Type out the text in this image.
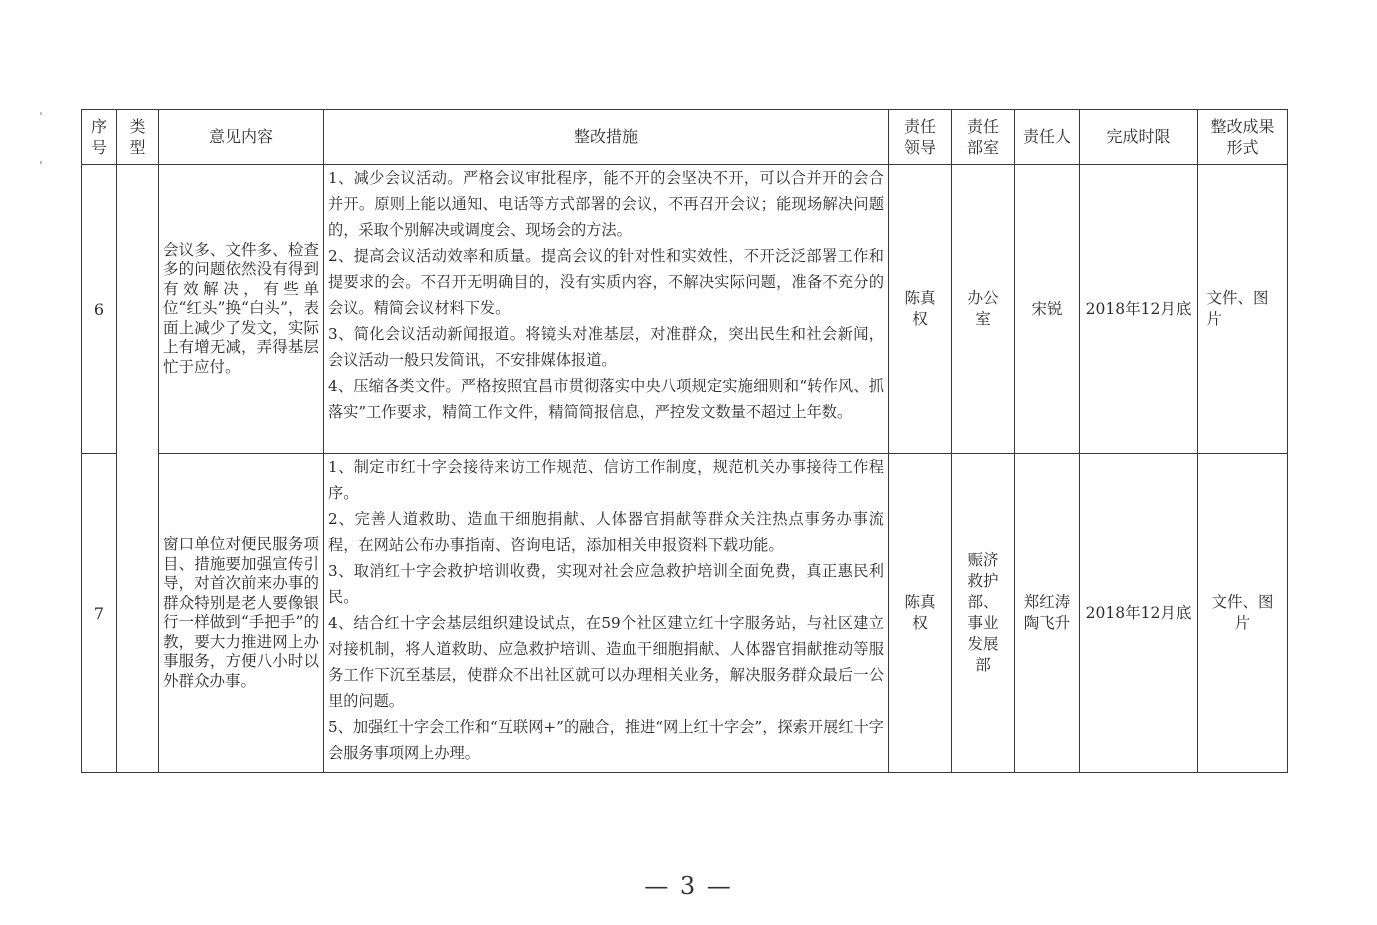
序号	类型	意见内容	整改措施	责任领导	责任部室	责任人	完成时限	整改成果形式
6		会议多、文件多、检查多的问题依然没有得到有效解决，有些单位“红头”换“白头”，表面上减少了发文，实际上有增无减，弄得基层忙于应付。	1、减少会议活动。严格会议审批程序，能不开的会坚决不开，可以合并开的会合并开。原则上能以通知、电话等方式部署的会议，不再召开会议；能现场解决问题的，采取个别解决或调度会、现场会的方法。
2、提高会议活动效率和质量。提高会议的针对性和实效性，不开泛泛部署工作和提要求的会。不召开无明确目的，没有实质内容，不解决实际问题，准备不充分的会议。精简会议材料下发。
3、简化会议活动新闻报道。将镜头对准基层，对准群众，突出民生和社会新闻，会议活动一般只发简讯，不安排媒体报道。
4、压缩各类文件。严格按照宜昌市贯彻落实中央八项规定实施细则和“转作风、抓落实”工作要求，精简工作文件，精简简报信息，严控发文数量不超过上年数。	陈真权	办公室	宋锐	2018年12月底	文件、图片
7		窗口单位对便民服务项目、措施要加强宣传引导，对首次前来办事的群众特别是老人要像银行一样做到“手把手”的教，要大力推进网上办事服务，方便八小时以外群众办事。	1、制定市红十字会接待来访工作规范、信访工作制度，规范机关办事接待工作程序。
2、完善人道救助、造血干细胞捐献、人体器官捐献等群众关注热点事务办事流程，在网站公布办事指南、咨询电话，添加相关申报资料下载功能。
3、取消红十字会救护培训收费，实现对社会应急救护培训全面免费，真正惠民利民。
4、结合红十字会基层组织建设试点，在59个社区建立红十字服务站，与社区建立对接机制，将人道救助、应急救护培训、造血干细胞捐献、人体器官捐献推动等服务工作下沉至基层，使群众不出社区就可以办理相关业务，解决服务群众最后一公里的问题。
5、加强红十字会工作和“互联网+”的融合，推进“网上红十字会”，探索开展红十字会服务事项网上办理。	陈真权	赈济救护部、事业发展部	郑红涛陶飞升	2018年12月底	文件、图片
— 3 —
